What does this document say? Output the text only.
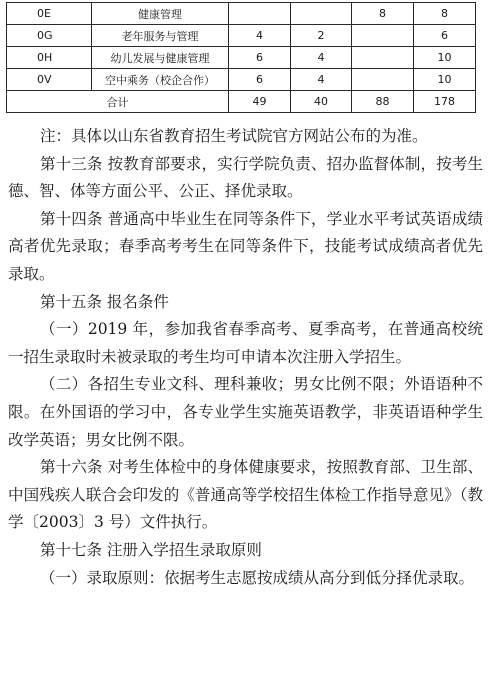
0E	健康管理			8	8
0G	老年服务与管理	4	2		6
0H	幼儿发展与健康管理	6	4		10
0V	空中乘务（校企合作）	6	4		10
合计		49	40	88	178

注：具体以山东省教育招生考试院官方网站公布的为准。

第十三条 按教育部要求，实行学院负责、招办监督体制，按考生德、智、体等方面公平、公正、择优录取。

第十四条 普通高中毕业生在同等条件下，学业水平考试英语成绩高者优先录取；春季高考考生在同等条件下，技能考试成绩高者优先录取。

第十五条 报名条件

（一）2019 年，参加我省春季高考、夏季高考，在普通高校统一招生录取时未被录取的考生均可申请本次注册入学招生。

（二）各招生专业文科、理科兼收；男女比例不限；外语语种不限。在外国语的学习中，各专业学生实施英语教学，非英语语种学生改学英语；男女比例不限。

第十六条 对考生体检中的身体健康要求，按照教育部、卫生部、中国残疾人联合会印发的《普通高等学校招生体检工作指导意见》（教学〔2003〕3 号）文件执行。

第十七条 注册入学招生录取原则

（一）录取原则：依据考生志愿按成绩从高分到低分择优录取。
